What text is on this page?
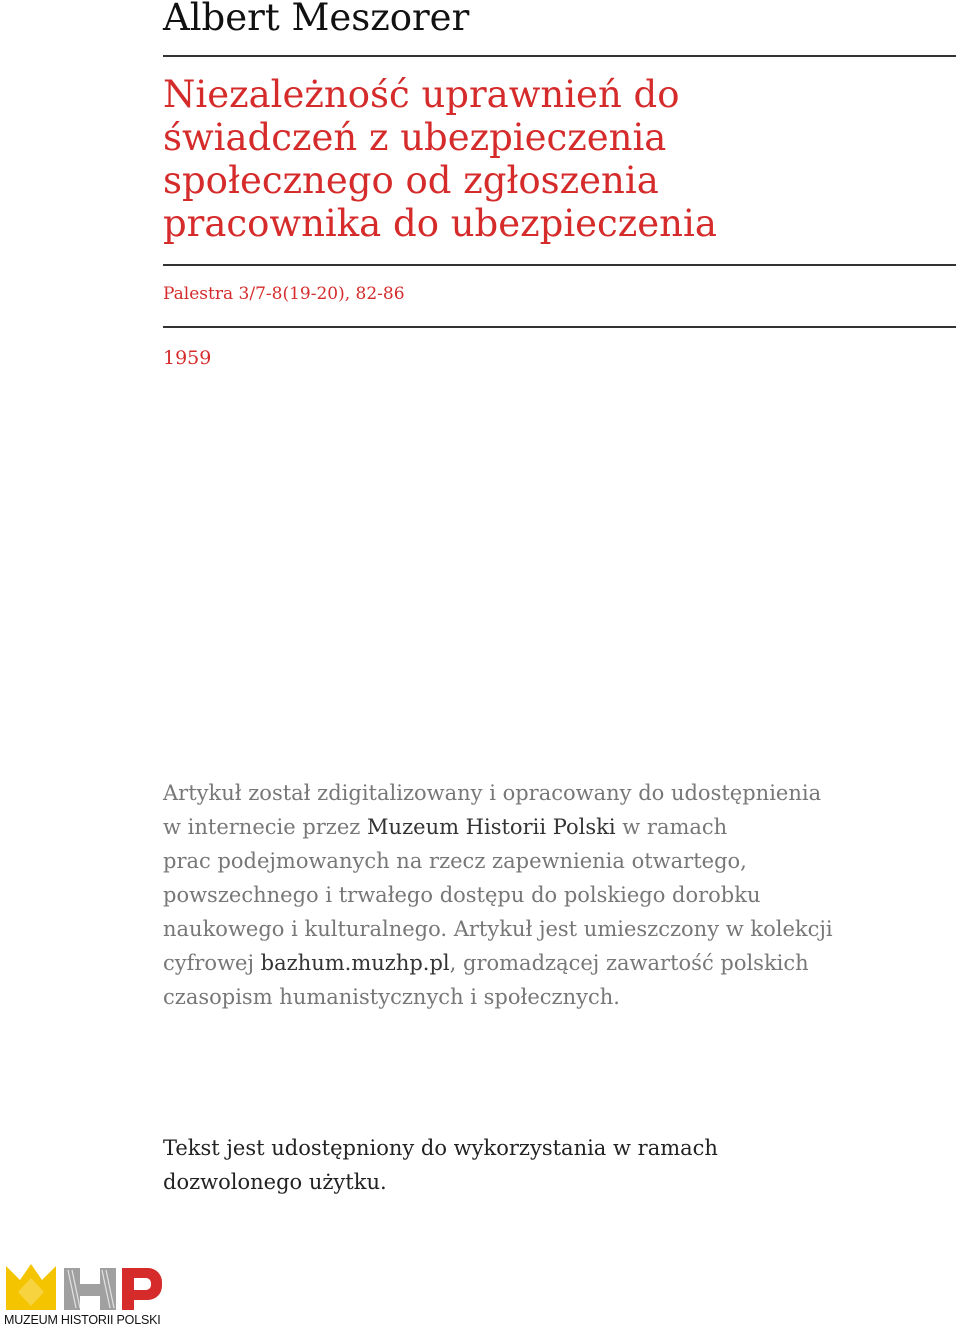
Albert Meszorer
Niezależność uprawnień do
świadczeń z ubezpieczenia
społecznego od zgłoszenia
pracownika do ubezpieczenia
Palestra 3/7-8(19-20), 82-86
1959

Artykuł został zdigitalizowany i opracowany do udostępnienia
w internecie przez Muzeum Historii Polski w ramach
prac podejmowanych na rzecz zapewnienia otwartego,
powszechnego i trwałego dostępu do polskiego dorobku
naukowego i kulturalnego. Artykuł jest umieszczony w kolekcji
cyfrowej bazhum.muzhp.pl, gromadzącej zawartość polskich
czasopism humanistycznych i społecznych.

Tekst jest udostępniony do wykorzystania w ramach
dozwolonego użytku.

MUZEUM HISTORII POLSKI
